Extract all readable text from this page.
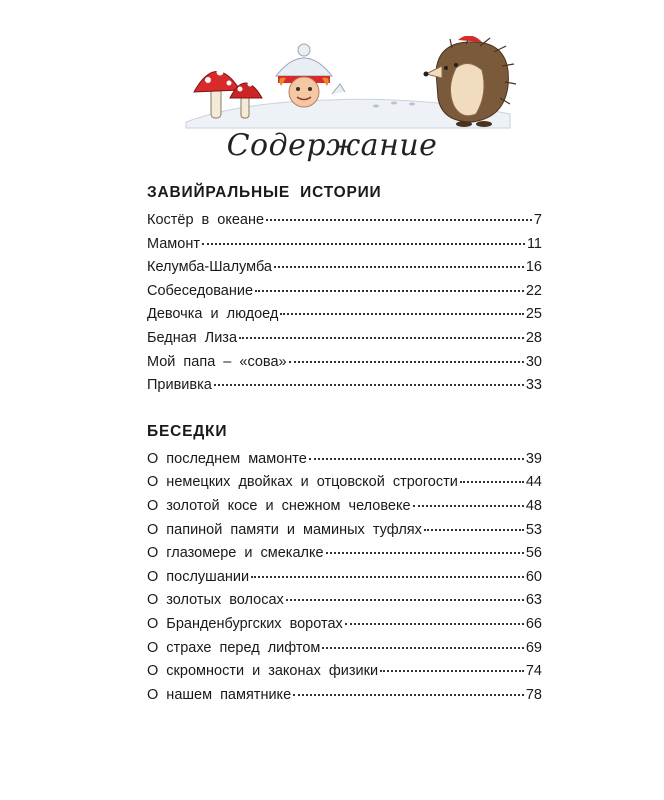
Содержание
ЗАВИЙРАЛЬНЫЕ ИСТОРИИ
Костёр в океане	7
Мамонт	11
Келумба-Шалумба	16
Собеседование	22
Девочка и людоед	25
Бедная Лиза	28
Мой папа – «сова»	30
Прививка	33
БЕСЕДКИ
О последнем мамонте	39
О немецких двойках и отцовской строгости	44
О золотой косе и снежном человеке	48
О папиной памяти и маминых туфлях	53
О глазомере и смекалке	56
О послушании	60
О золотых волосах	63
О Бранденбургских воротах	66
О страхе перед лифтом	69
О скромности и законах физики	74
О нашем памятнике	78
